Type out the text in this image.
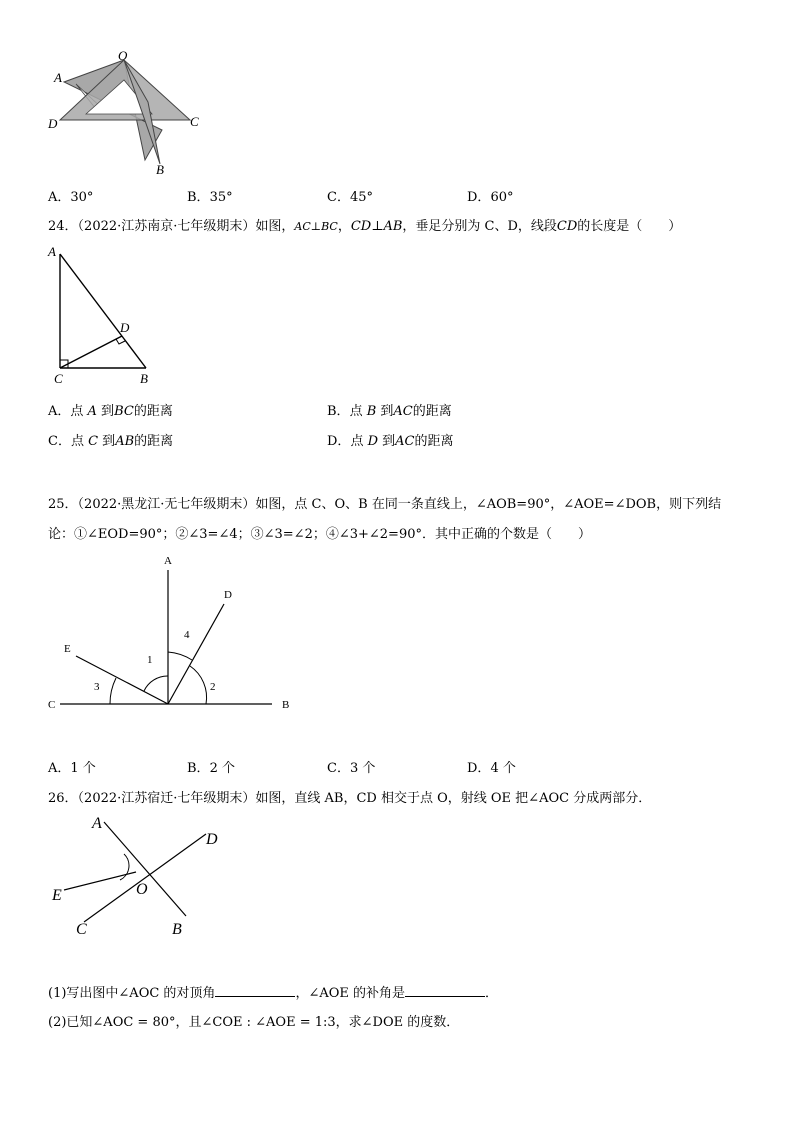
O
A
D	C
B
A．30°	B．35°	C．45°	D．60°
24．（2022·江苏南京·七年级期末）如图，AC⊥BC，CD⊥AB，垂足分别为 C、D，线段CD的长度是（　　）
A
D
C	B
A．点 A 到BC的距离	B．点 B 到AC的距离
C．点 C 到AB的距离	D．点 D 到AC的距离
25．（2022·黑龙江·无七年级期末）如图，点 C、O、B 在同一条直线上，∠AOB=90°，∠AOE=∠DOB，则下列结
论：①∠EOD=90°；②∠3=∠4；③∠3=∠2；④∠3+∠2=90°．其中正确的个数是（　　）
A
D
E
C	B
1
2
3
4
A．1 个	B．2 个	C．3 个	D．4 个
26．（2022·江苏宿迁·七年级期末）如图，直线 AB，CD 相交于点 O，射线 OE 把∠AOC 分成两部分．
A
D
E	O
C	B
(1)写出图中∠AOC 的对顶角	，∠AOE 的补角是	．
(2)已知∠AOC = 80°，且∠COE : ∠AOE = 1:3，求∠DOE 的度数．
